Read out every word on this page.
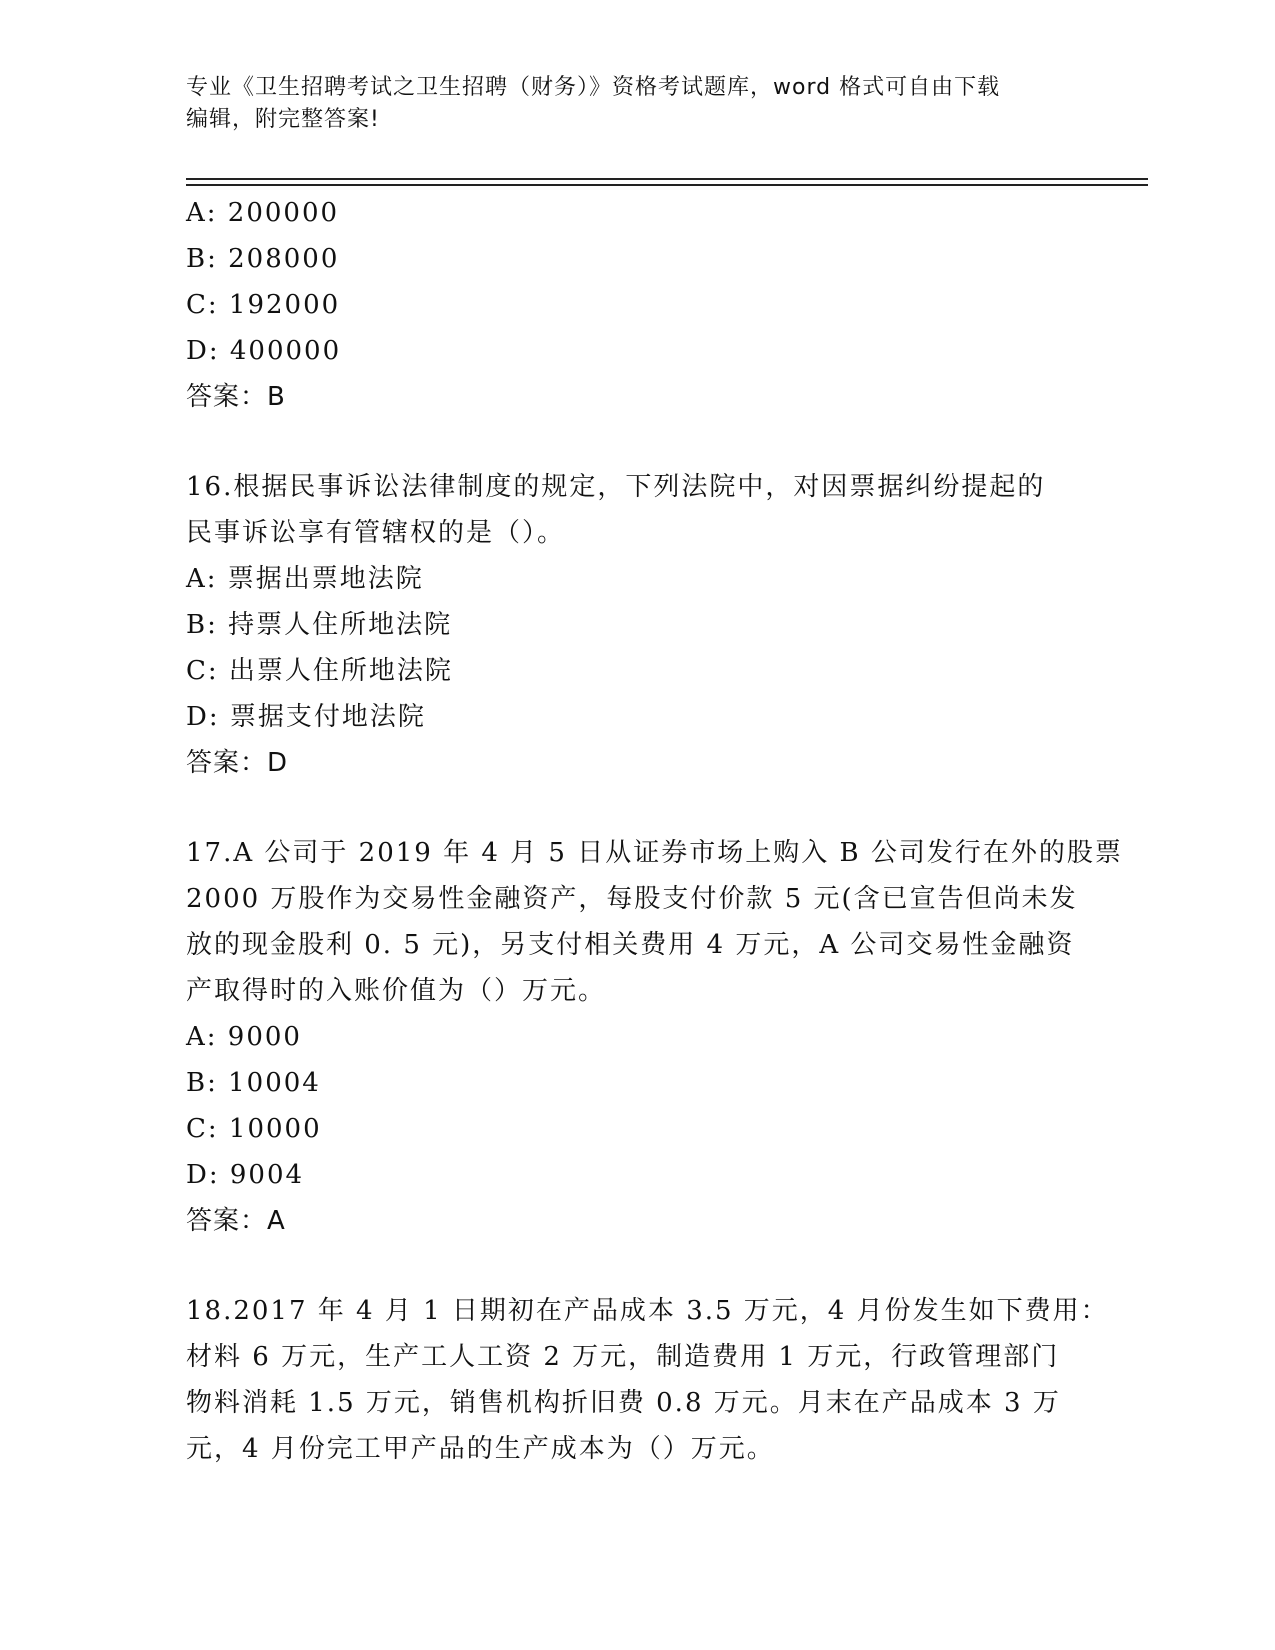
专业《卫生招聘考试之卫生招聘（财务）》资格考试题库，word 格式可自由下载
编辑，附完整答案!
A: 200000
B: 208000
C: 192000
D: 400000
答案：B
16.根据民事诉讼法律制度的规定，下列法院中，对因票据纠纷提起的
民事诉讼享有管辖权的是（）。
A: 票据出票地法院
B: 持票人住所地法院
C: 出票人住所地法院
D: 票据支付地法院
答案：D
17.A 公司于 2019 年 4 月 5 日从证券市场上购入 B 公司发行在外的股票
2000 万股作为交易性金融资产，每股支付价款 5 元(含已宣告但尚未发
放的现金股利 0. 5 元)，另支付相关费用 4 万元，A 公司交易性金融资
产取得时的入账价值为（）万元。
A: 9000
B: 10004
C: 10000
D: 9004
答案：A
18.2017 年 4 月 1 日期初在产品成本 3.5 万元，4 月份发生如下费用：
材料 6 万元，生产工人工资 2 万元，制造费用 1 万元，行政管理部门
物料消耗 1.5 万元，销售机构折旧费 0.8 万元。月末在产品成本 3 万
元，4 月份完工甲产品的生产成本为（）万元。
